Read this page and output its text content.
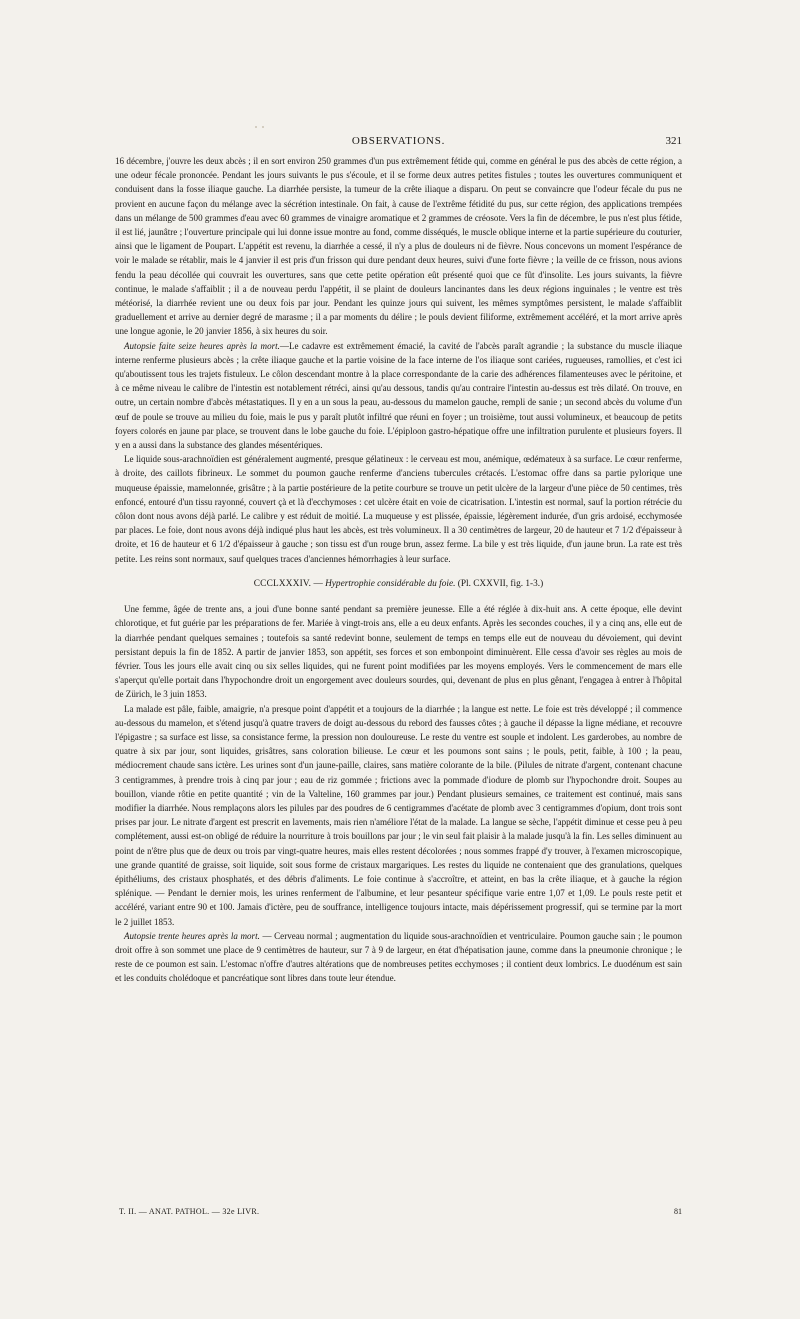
OBSERVATIONS.	321

16 décembre, j'ouvre les deux abcès ; il en sort environ 250 grammes d'un pus extrêmement fétide qui, comme en général le pus des abcès de cette région, a une odeur fécale prononcée. Pendant les jours suivants le pus s'écoule, et il se forme deux autres petites fistules ; toutes les ouvertures communiquent et conduisent dans la fosse iliaque gauche. La diarrhée persiste, la tumeur de la crête iliaque a disparu. On peut se convaincre que l'odeur fécale du pus ne provient en aucune façon du mélange avec la sécrétion intestinale. On fait, à cause de l'extrême fétidité du pus, sur cette région, des applications trempées dans un mélange de 500 grammes d'eau avec 60 grammes de vinaigre aromatique et 2 grammes de créosote. Vers la fin de décembre, le pus n'est plus fétide, il est lié, jaunâtre ; l'ouverture principale qui lui donne issue montre au fond, comme disséqués, le muscle oblique interne et la partie supérieure du couturier, ainsi que le ligament de Poupart. L'appétit est revenu, la diarrhée a cessé, il n'y a plus de douleurs ni de fièvre. Nous concevons un moment l'espérance de voir le malade se rétablir, mais le 4 janvier il est pris d'un frisson qui dure pendant deux heures, suivi d'une forte fièvre ; la veille de ce frisson, nous avions fendu la peau décollée qui couvrait les ouvertures, sans que cette petite opération eût présenté quoi que ce fût d'insolite. Les jours suivants, la fièvre continue, le malade s'affaiblit ; il a de nouveau perdu l'appétit, il se plaint de douleurs lancinantes dans les deux régions inguinales ; le ventre est très météorisé, la diarrhée revient une ou deux fois par jour. Pendant les quinze jours qui suivent, les mêmes symptômes persistent, le malade s'affaiblit graduellement et arrive au dernier degré de marasme ; il a par moments du délire ; le pouls devient filiforme, extrêmement accéléré, et la mort arrive après une longue agonie, le 20 janvier 1856, à six heures du soir.

Autopsie faite seize heures après la mort.—Le cadavre est extrêmement émacié, la cavité de l'abcès paraît agrandie ; la substance du muscle iliaque interne renferme plusieurs abcès ; la crête iliaque gauche et la partie voisine de la face interne de l'os iliaque sont cariées, rugueuses, ramollies, et c'est ici qu'aboutissent tous les trajets fistuleux. Le côlon descendant montre à la place correspondante de la carie des adhérences filamenteuses avec le péritoine, et à ce même niveau le calibre de l'intestin est notablement rétréci, ainsi qu'au dessous, tandis qu'au contraire l'intestin au-dessus est très dilaté. On trouve, en outre, un certain nombre d'abcès métastatiques. Il y en a un sous la peau, au-dessous du mamelon gauche, rempli de sanie ; un second abcès du volume d'un œuf de poule se trouve au milieu du foie, mais le pus y paraît plutôt infiltré que réuni en foyer ; un troisième, tout aussi volumineux, et beaucoup de petits foyers colorés en jaune par place, se trouvent dans le lobe gauche du foie. L'épiploon gastro-hépatique offre une infiltration purulente et plusieurs foyers. Il y en a aussi dans la substance des glandes mésentériques.

Le liquide sous-arachnoïdien est généralement augmenté, presque gélatineux : le cerveau est mou, anémique, œdémateux à sa surface. Le cœur renferme, à droite, des caillots fibrineux. Le sommet du poumon gauche renferme d'anciens tubercules crétacés. L'estomac offre dans sa partie pylorique une muqueuse épaissie, mamelonnée, grisâtre ; à la partie postérieure de la petite courbure se trouve un petit ulcère de la largeur d'une pièce de 50 centimes, très enfoncé, entouré d'un tissu rayonné, couvert çà et là d'ecchymoses : cet ulcère était en voie de cicatrisation. L'intestin est normal, sauf la portion rétrécie du côlon dont nous avons déjà parlé. Le calibre y est réduit de moitié. La muqueuse y est plissée, épaissie, légèrement indurée, d'un gris ardoisé, ecchymosée par places. Le foie, dont nous avons déjà indiqué plus haut les abcès, est très volumineux. Il a 30 centimètres de largeur, 20 de hauteur et 7 1/2 d'épaisseur à droite, et 16 de hauteur et 6 1/2 d'épaisseur à gauche ; son tissu est d'un rouge brun, assez ferme. La bile y est très liquide, d'un jaune brun. La rate est très petite. Les reins sont normaux, sauf quelques traces d'anciennes hémorrhagies à leur surface.

CCCLXXXIV. — Hypertrophie considérable du foie. (Pl. CXXVII, fig. 1-3.)

Une femme, âgée de trente ans, a joui d'une bonne santé pendant sa première jeunesse. Elle a été réglée à dix-huit ans. A cette époque, elle devint chlorotique, et fut guérie par les préparations de fer. Mariée à vingt-trois ans, elle a eu deux enfants. Après les secondes couches, il y a cinq ans, elle eut de la diarrhée pendant quelques semaines ; toutefois sa santé redevint bonne, seulement de temps en temps elle eut de nouveau du dévoiement, qui devint persistant depuis la fin de 1852. A partir de janvier 1853, son appétit, ses forces et son embonpoint diminuèrent. Elle cessa d'avoir ses règles au mois de février. Tous les jours elle avait cinq ou six selles liquides, qui ne furent point modifiées par les moyens employés. Vers le commencement de mars elle s'aperçut qu'elle portait dans l'hypochondre droit un engorgement avec douleurs sourdes, qui, devenant de plus en plus gênant, l'engagea à entrer à l'hôpital de Zürich, le 3 juin 1853.

La malade est pâle, faible, amaigrie, n'a presque point d'appétit et a toujours de la diarrhée ; la langue est nette. Le foie est très développé ; il commence au-dessous du mamelon, et s'étend jusqu'à quatre travers de doigt au-dessous du rebord des fausses côtes ; à gauche il dépasse la ligne médiane, et recouvre l'épigastre ; sa surface est lisse, sa consistance ferme, la pression non douloureuse. Le reste du ventre est souple et indolent. Les garderobes, au nombre de quatre à six par jour, sont liquides, grisâtres, sans coloration bilieuse. Le cœur et les poumons sont sains ; le pouls, petit, faible, à 100 ; la peau, médiocrement chaude sans ictère. Les urines sont d'un jaune-paille, claires, sans matière colorante de la bile. (Pilules de nitrate d'argent, contenant chacune 3 centigrammes, à prendre trois à cinq par jour ; eau de riz gommée ; frictions avec la pommade d'iodure de plomb sur l'hypochondre droit. Soupes au bouillon, viande rôtie en petite quantité ; vin de la Valteline, 160 grammes par jour.) Pendant plusieurs semaines, ce traitement est continué, mais sans modifier la diarrhée. Nous remplaçons alors les pilules par des poudres de 6 centigrammes d'acétate de plomb avec 3 centigrammes d'opium, dont trois sont prises par jour. Le nitrate d'argent est prescrit en lavements, mais rien n'améliore l'état de la malade. La langue se sèche, l'appétit diminue et cesse peu à peu complétement, aussi est-on obligé de réduire la nourriture à trois bouillons par jour ; le vin seul fait plaisir à la malade jusqu'à la fin. Les selles diminuent au point de n'être plus que de deux ou trois par vingt-quatre heures, mais elles restent décolorées ; nous sommes frappé d'y trouver, à l'examen microscopique, une grande quantité de graisse, soit liquide, soit sous forme de cristaux margariques. Les restes du liquide ne contenaient que des granulations, quelques épithéliums, des cristaux phosphatés, et des débris d'aliments. Le foie continue à s'accroître, et atteint, en bas la crête iliaque, et à gauche la région splénique. — Pendant le dernier mois, les urines renferment de l'albumine, et leur pesanteur spécifique varie entre 1,07 et 1,09. Le pouls reste petit et accéléré, variant entre 90 et 100. Jamais d'ictère, peu de souffrance, intelligence toujours intacte, mais dépérissement progressif, qui se termine par la mort le 2 juillet 1853.

Autopsie trente heures après la mort. — Cerveau normal ; augmentation du liquide sous-arachnoïdien et ventriculaire. Poumon gauche sain ; le poumon droit offre à son sommet une place de 9 centimètres de hauteur, sur 7 à 9 de largeur, en état d'hépatisation jaune, comme dans la pneumonie chronique ; le reste de ce poumon est sain. L'estomac n'offre d'autres altérations que de nombreuses petites ecchymoses ; il contient deux lombrics. Le duodénum est sain et les conduits cholédoque et pancréatique sont libres dans toute leur étendue.

T. II. — ANAT. PATHOL. — 32e LIVR.	81
